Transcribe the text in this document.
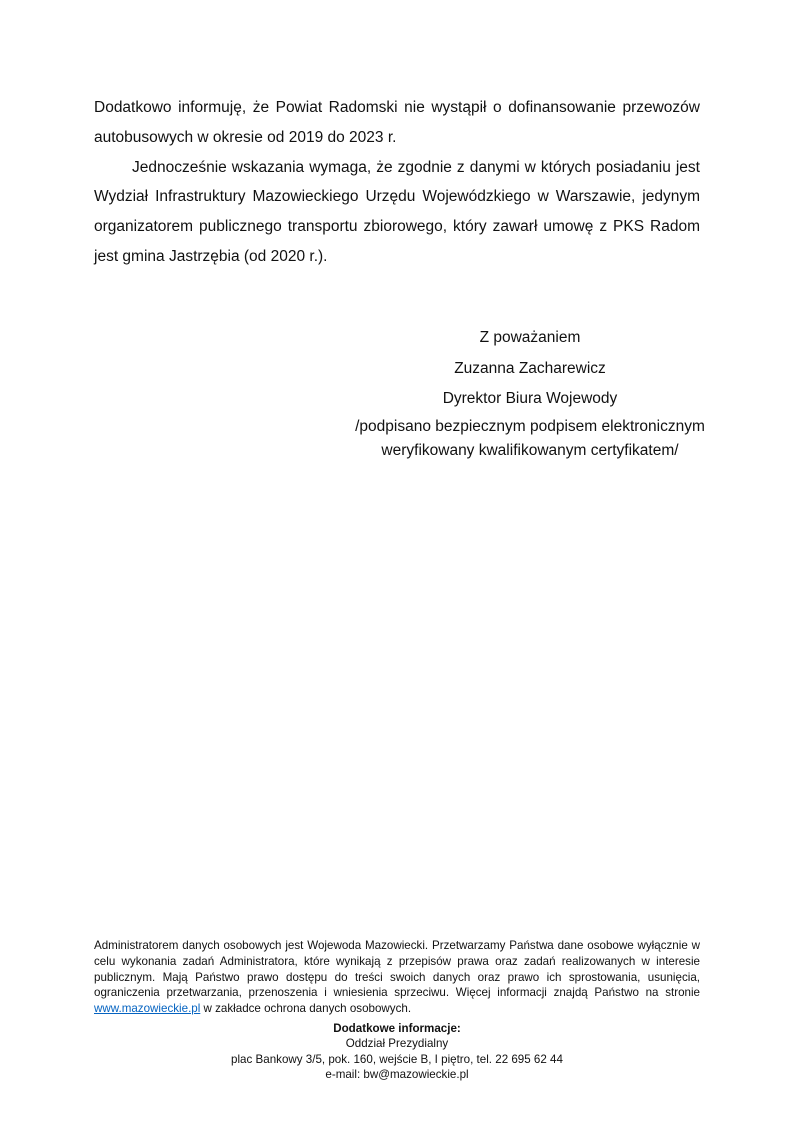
Dodatkowo informuję, że Powiat Radomski nie wystąpił o dofinansowanie przewozów autobusowych w okresie od 2019 do 2023 r.

Jednocześnie wskazania wymaga, że zgodnie z danymi w których posiadaniu jest Wydział Infrastruktury Mazowieckiego Urzędu Wojewódzkiego w Warszawie, jedynym organizatorem publicznego transportu zbiorowego, który zawarł umowę z PKS Radom jest gmina Jastrzębia (od 2020 r.).

Z poważaniem

Zuzanna Zacharewicz

Dyrektor Biura Wojewody

/podpisano bezpiecznym podpisem elektronicznym

weryfikowany kwalifikowanym certyfikatem/

Administratorem danych osobowych jest Wojewoda Mazowiecki. Przetwarzamy Państwa dane osobowe wyłącznie w celu wykonania zadań Administratora, które wynikają z przepisów prawa oraz zadań realizowanych w interesie publicznym. Mają Państwo prawo dostępu do treści swoich danych oraz prawo ich sprostowania, usunięcia, ograniczenia przetwarzania, przenoszenia i wniesienia sprzeciwu. Więcej informacji znajdą Państwo na stronie www.mazowieckie.pl w zakładce ochrona danych osobowych.

Dodatkowe informacje:
Oddział Prezydialny
plac Bankowy 3/5, pok. 160, wejście B, I piętro, tel. 22 695 62 44
e-mail: bw@mazowieckie.pl
